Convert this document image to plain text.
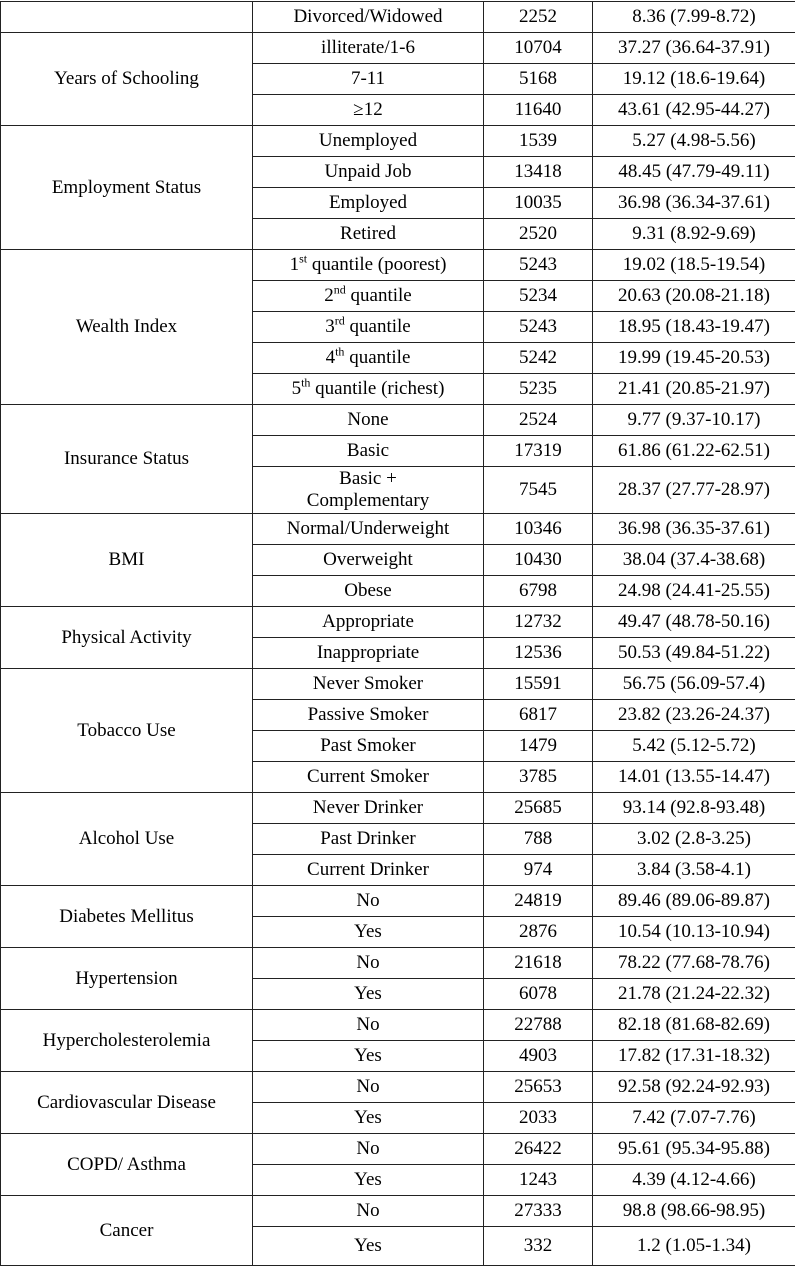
	Divorced/Widowed	2252	8.36 (7.99-8.72)
Years of Schooling	illiterate/1-6	10704	37.27 (36.64-37.91)
	7-11	5168	19.12 (18.6-19.64)
	≥12	11640	43.61 (42.95-44.27)
Employment Status	Unemployed	1539	5.27 (4.98-5.56)
	Unpaid Job	13418	48.45 (47.79-49.11)
	Employed	10035	36.98 (36.34-37.61)
	Retired	2520	9.31 (8.92-9.69)
Wealth Index	1st quantile (poorest)	5243	19.02 (18.5-19.54)
	2nd quantile	5234	20.63 (20.08-21.18)
	3rd quantile	5243	18.95 (18.43-19.47)
	4th quantile	5242	19.99 (19.45-20.53)
	5th quantile (richest)	5235	21.41 (20.85-21.97)
Insurance Status	None	2524	9.77 (9.37-10.17)
	Basic	17319	61.86 (61.22-62.51)
	Basic +
Complementary	7545	28.37 (27.77-28.97)
BMI	Normal/Underweight	10346	36.98 (36.35-37.61)
	Overweight	10430	38.04 (37.4-38.68)
	Obese	6798	24.98 (24.41-25.55)
Physical Activity	Appropriate	12732	49.47 (48.78-50.16)
	Inappropriate	12536	50.53 (49.84-51.22)
Tobacco Use	Never Smoker	15591	56.75 (56.09-57.4)
	Passive Smoker	6817	23.82 (23.26-24.37)
	Past Smoker	1479	5.42 (5.12-5.72)
	Current Smoker	3785	14.01 (13.55-14.47)
Alcohol Use	Never Drinker	25685	93.14 (92.8-93.48)
	Past Drinker	788	3.02 (2.8-3.25)
	Current Drinker	974	3.84 (3.58-4.1)
Diabetes Mellitus	No	24819	89.46 (89.06-89.87)
	Yes	2876	10.54 (10.13-10.94)
Hypertension	No	21618	78.22 (77.68-78.76)
	Yes	6078	21.78 (21.24-22.32)
Hypercholesterolemia	No	22788	82.18 (81.68-82.69)
	Yes	4903	17.82 (17.31-18.32)
Cardiovascular Disease	No	25653	92.58 (92.24-92.93)
	Yes	2033	7.42 (7.07-7.76)
COPD/ Asthma	No	26422	95.61 (95.34-95.88)
	Yes	1243	4.39 (4.12-4.66)
Cancer	No	27333	98.8 (98.66-98.95)
	Yes	332	1.2 (1.05-1.34)
